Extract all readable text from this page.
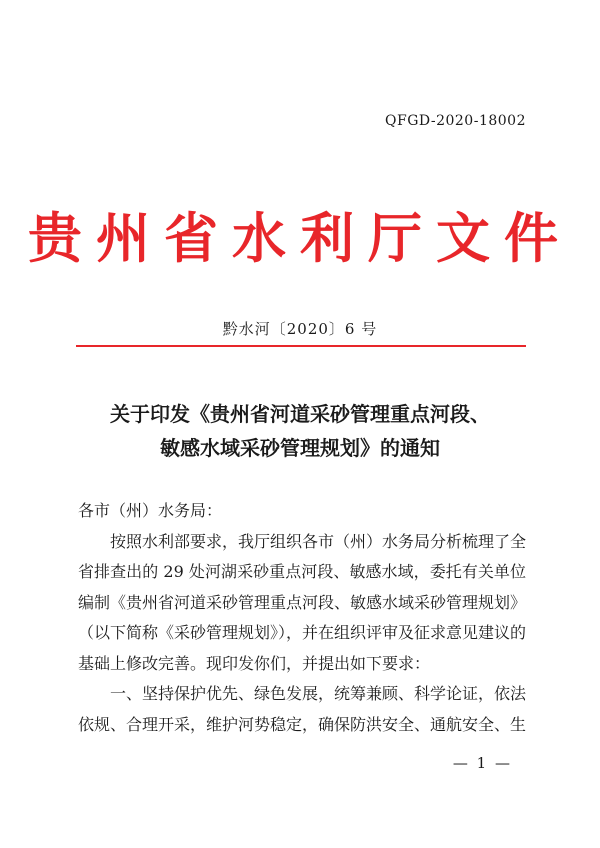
QFGD-2020-18002
贵州省水利厅文件
黔水河〔2020〕6 号
关于印发《贵州省河道采砂管理重点河段、
敏感水域采砂管理规划》的通知

各市（州）水务局：

按照水利部要求，我厅组织各市（州）水务局分析梳理了全省排查出的 29 处河湖采砂重点河段、敏感水域，委托有关单位编制《贵州省河道采砂管理重点河段、敏感水域采砂管理规划》（以下简称《采砂管理规划》），并在组织评审及征求意见建议的基础上修改完善。现印发你们，并提出如下要求：

一、坚持保护优先、绿色发展，统筹兼顾、科学论证，依法依规、合理开采，维护河势稳定，确保防洪安全、通航安全、生

— 1 —
